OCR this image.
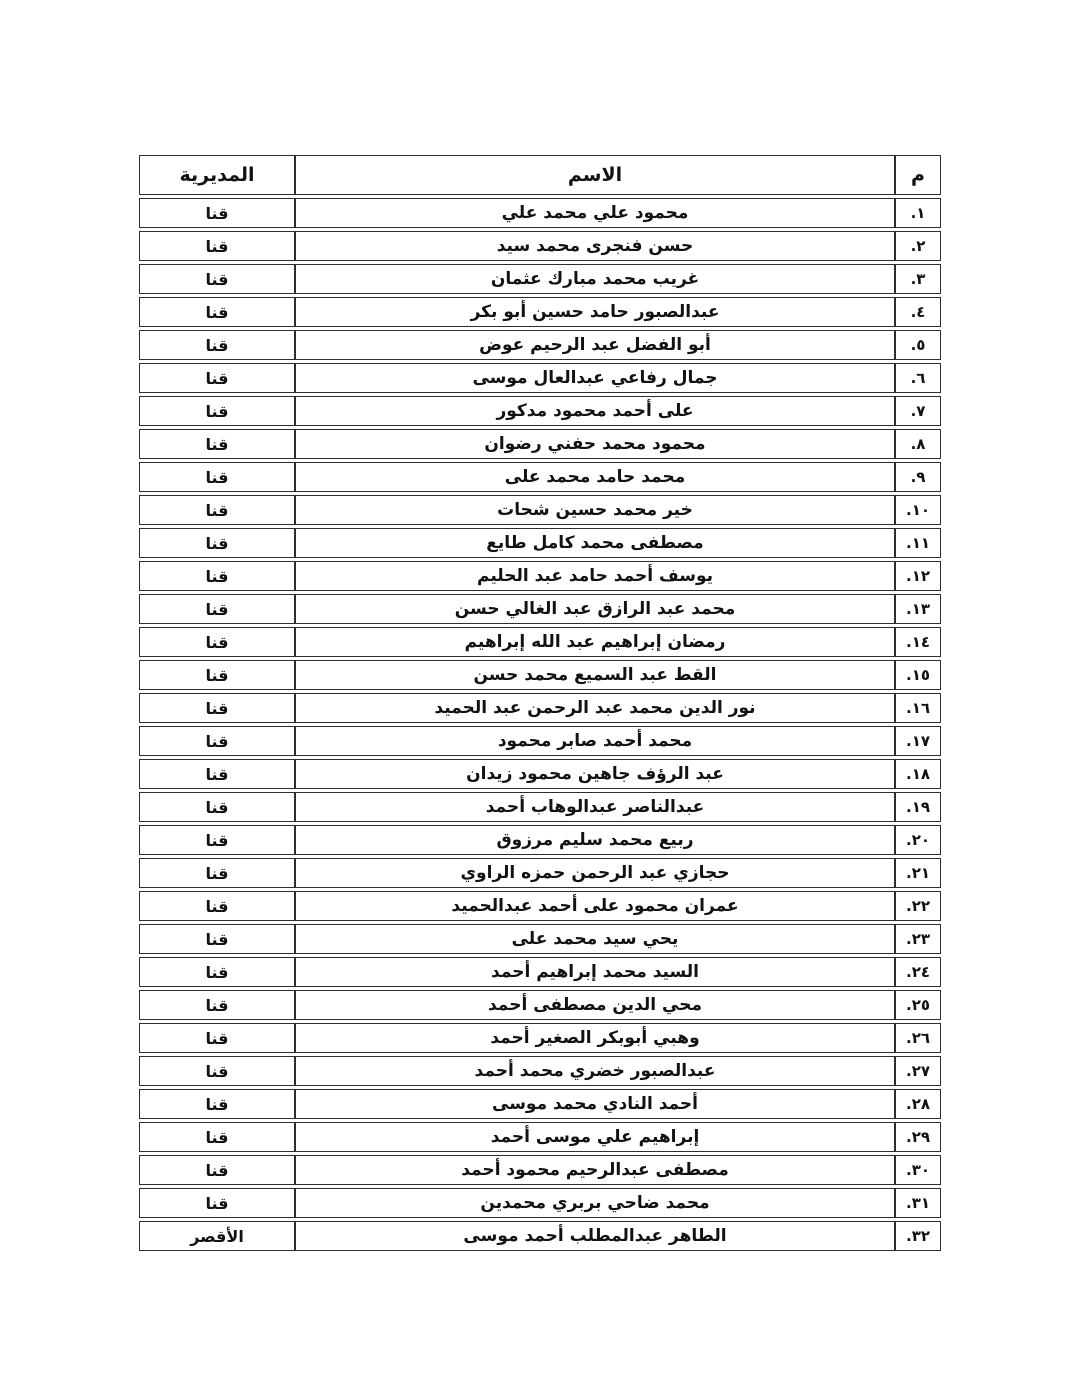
م	الاسم	المديرية
١.	محمود علي محمد علي	قنا
٢.	حسن فنجرى محمد سيد	قنا
٣.	غريب محمد مبارك عثمان	قنا
٤.	عبدالصبور حامد حسين أبو بكر	قنا
٥.	أبو الفضل عبد الرحيم عوض	قنا
٦.	جمال رفاعي عبدالعال موسى	قنا
٧.	على أحمد محمود مدكور	قنا
٨.	محمود محمد حفني رضوان	قنا
٩.	محمد حامد محمد على	قنا
١٠.	خير محمد حسين شحات	قنا
١١.	مصطفى محمد كامل طايع	قنا
١٢.	يوسف أحمد حامد عبد الحليم	قنا
١٣.	محمد عبد الرازق عبد الغالي حسن	قنا
١٤.	رمضان إبراهيم عبد الله إبراهيم	قنا
١٥.	القط عبد السميع محمد حسن	قنا
١٦.	نور الدين محمد عبد الرحمن عبد الحميد	قنا
١٧.	محمد أحمد صابر محمود	قنا
١٨.	عبد الرؤف جاهين محمود زيدان	قنا
١٩.	عبدالناصر عبدالوهاب أحمد	قنا
٢٠.	ربيع محمد سليم مرزوق	قنا
٢١.	حجازي عبد الرحمن حمزه الراوي	قنا
٢٢.	عمران محمود على أحمد عبدالحميد	قنا
٢٣.	يحي سيد محمد على	قنا
٢٤.	السيد محمد إبراهيم أحمد	قنا
٢٥.	محي الدين مصطفى أحمد	قنا
٢٦.	وهبي أبوبكر الصغير أحمد	قنا
٢٧.	عبدالصبور خضري محمد أحمد	قنا
٢٨.	أحمد النادي محمد موسى	قنا
٢٩.	إبراهيم علي موسى أحمد	قنا
٣٠.	مصطفى عبدالرحيم محمود أحمد	قنا
٣١.	محمد ضاحي بربري محمدين	قنا
٣٢.	الطاهر عبدالمطلب أحمد موسى	الأقصر
